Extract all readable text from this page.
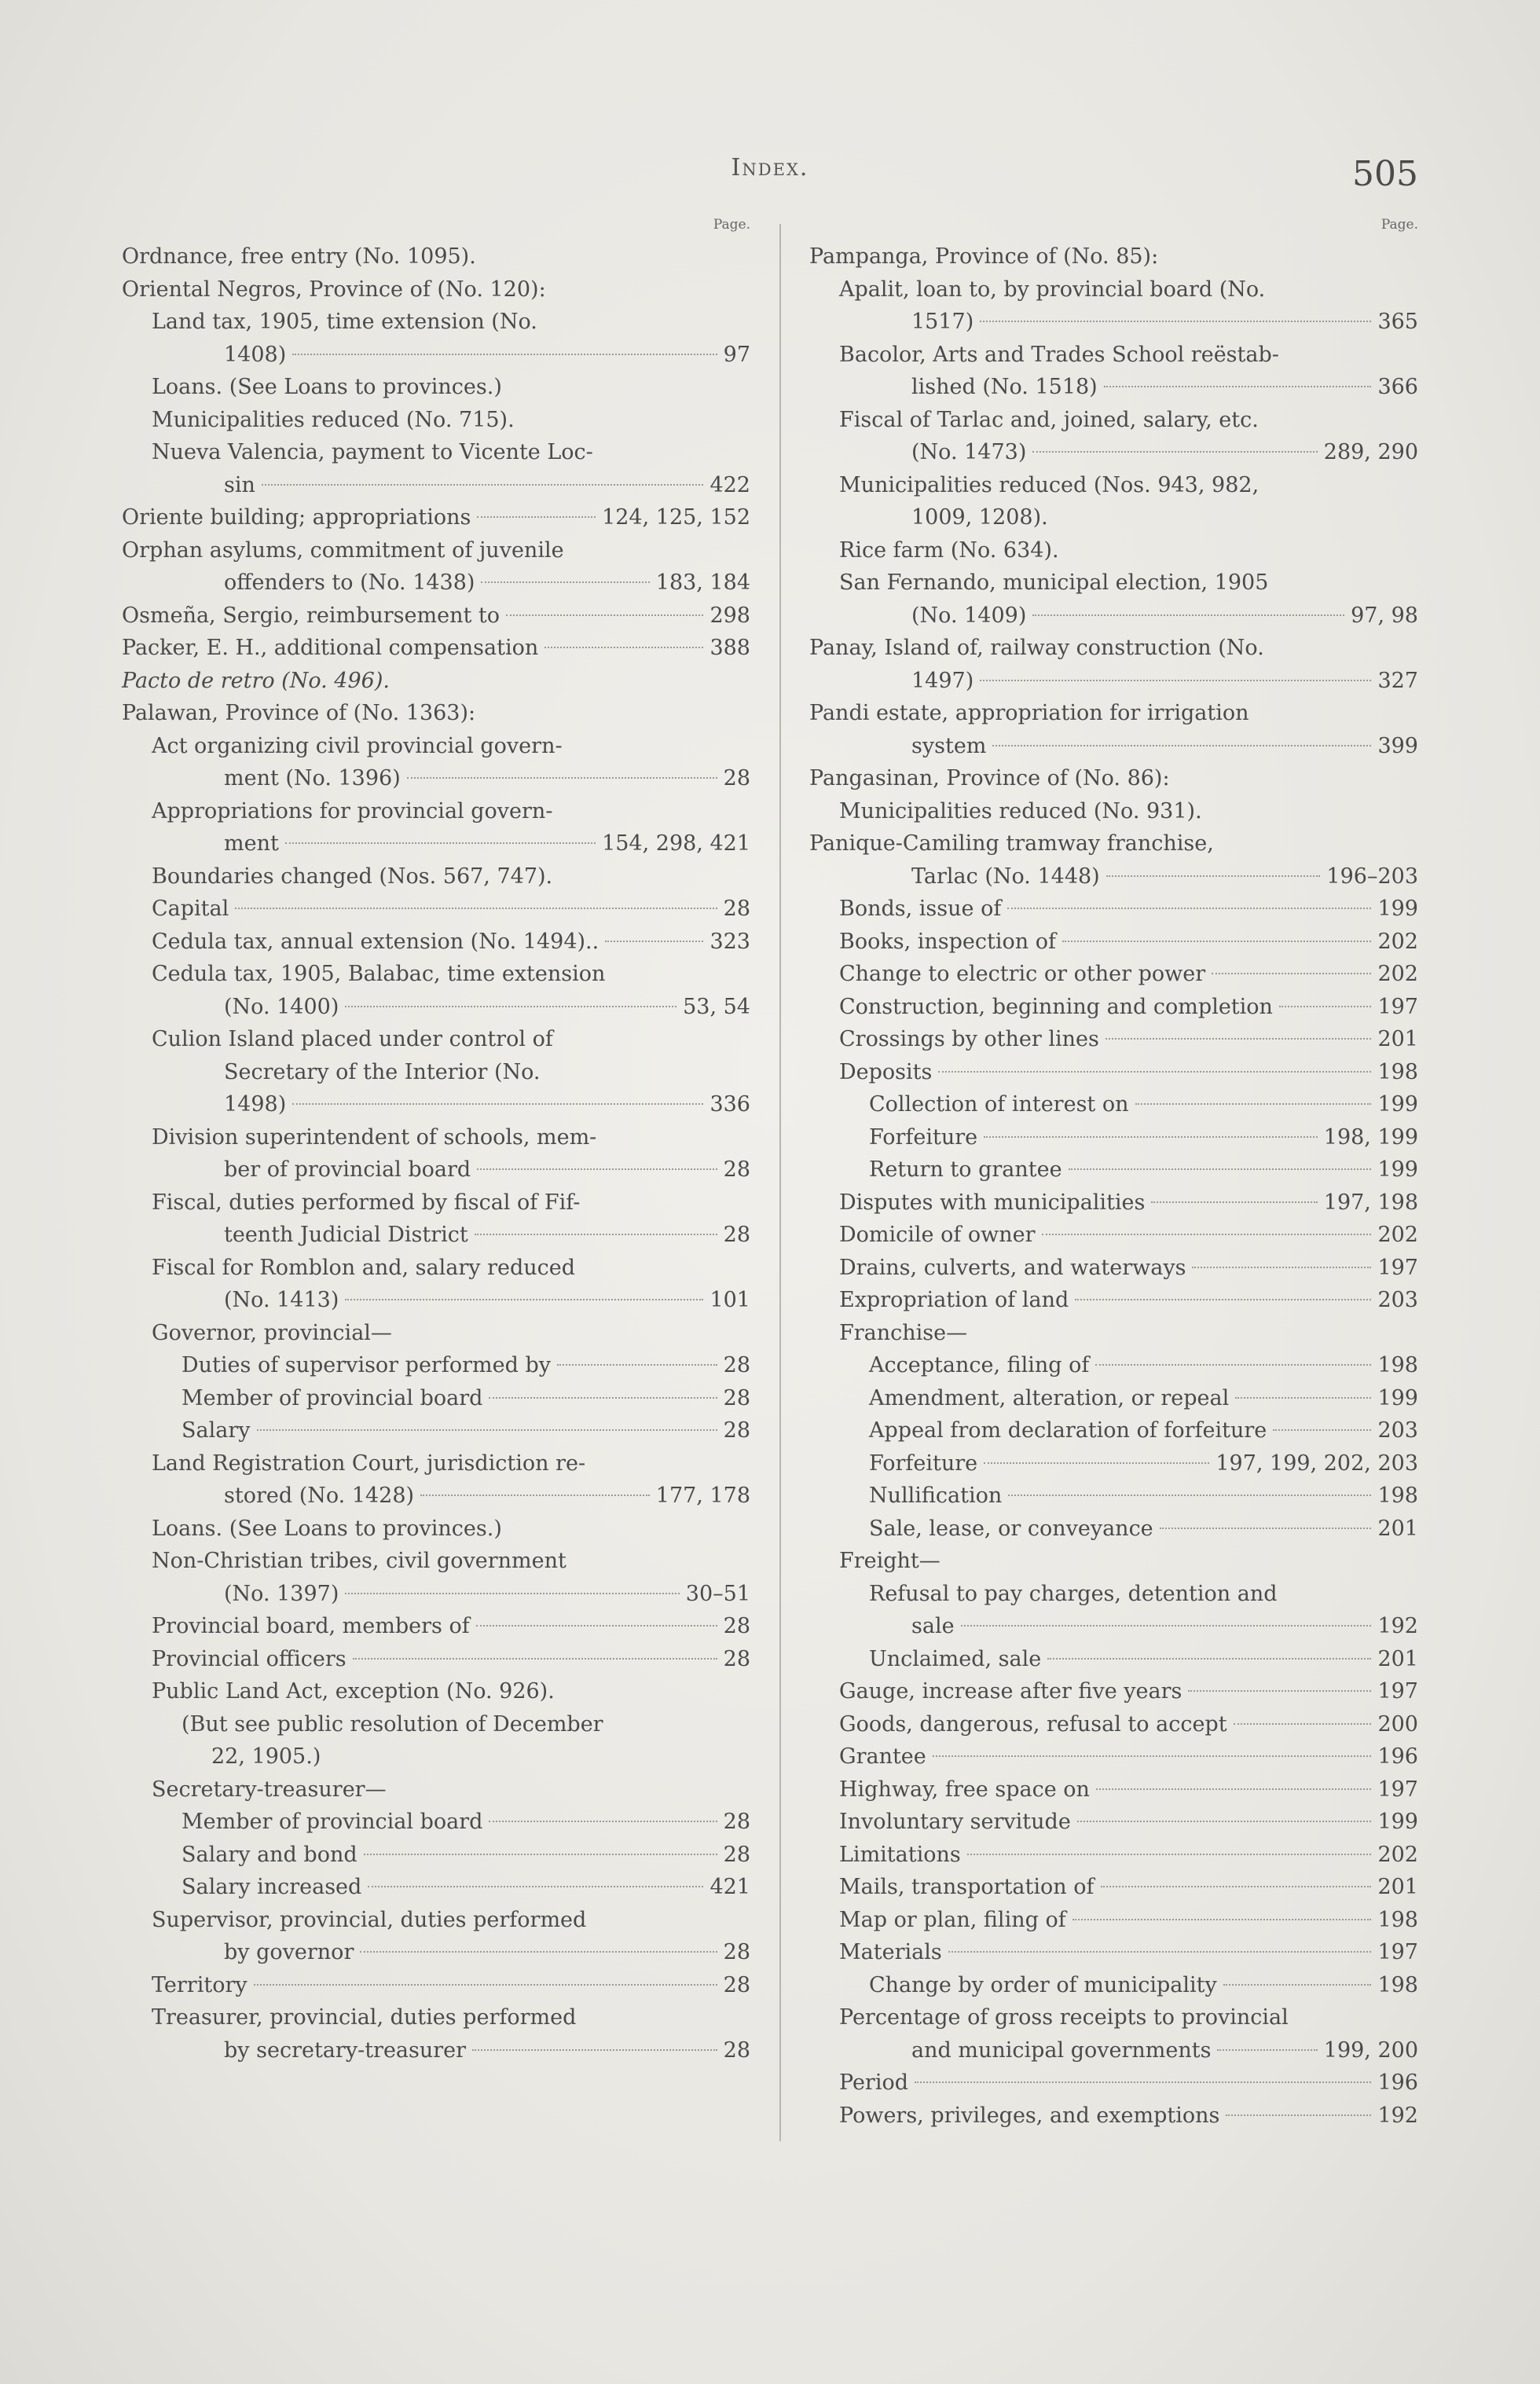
Index.	505
Page.
Ordnance, free entry (No. 1095).
Oriental Negros, Province of (No. 120):
Land tax, 1905, time extension (No.
1408)	97
Loans. (See Loans to provinces.)
Municipalities reduced (No. 715).
Nueva Valencia, payment to Vicente Loc-
sin	422
Oriente building; appropriations	124, 125, 152
Orphan asylums, commitment of juvenile
offenders to (No. 1438)	183, 184
Osmeña, Sergio, reimbursement to	298
Packer, E. H., additional compensation	388
Pacto de retro (No. 496).
Palawan, Province of (No. 1363):
Act organizing civil provincial govern-
ment (No. 1396)	28
Appropriations for provincial govern-
ment	154, 298, 421
Boundaries changed (Nos. 567, 747).
Capital	28
Cedula tax, annual extension (No. 1494)..	323
Cedula tax, 1905, Balabac, time extension
(No. 1400)	53, 54
Culion Island placed under control of
Secretary of the Interior (No.
1498)	336
Division superintendent of schools, mem-
ber of provincial board	28
Fiscal, duties performed by fiscal of Fif-
teenth Judicial District	28
Fiscal for Romblon and, salary reduced
(No. 1413)	101
Governor, provincial—
Duties of supervisor performed by	28
Member of provincial board	28
Salary	28
Land Registration Court, jurisdiction re-
stored (No. 1428)	177, 178
Loans. (See Loans to provinces.)
Non-Christian tribes, civil government
(No. 1397)	30–51
Provincial board, members of	28
Provincial officers	28
Public Land Act, exception (No. 926).
(But see public resolution of December
22, 1905.)
Secretary-treasurer—
Member of provincial board	28
Salary and bond	28
Salary increased	421
Supervisor, provincial, duties performed
by governor	28
Territory	28
Treasurer, provincial, duties performed
by secretary-treasurer	28
Page.
Pampanga, Province of (No. 85):
Apalit, loan to, by provincial board (No.
1517)	365
Bacolor, Arts and Trades School reëstab-
lished (No. 1518)	366
Fiscal of Tarlac and, joined, salary, etc.
(No. 1473)	289, 290
Municipalities reduced (Nos. 943, 982,
1009, 1208).
Rice farm (No. 634).
San Fernando, municipal election, 1905
(No. 1409)	97, 98
Panay, Island of, railway construction (No.
1497)	327
Pandi estate, appropriation for irrigation
system	399
Pangasinan, Province of (No. 86):
Municipalities reduced (No. 931).
Panique-Camiling tramway franchise,
Tarlac (No. 1448)	196–203
Bonds, issue of	199
Books, inspection of	202
Change to electric or other power	202
Construction, beginning and completion	197
Crossings by other lines	201
Deposits	198
Collection of interest on	199
Forfeiture	198, 199
Return to grantee	199
Disputes with municipalities	197, 198
Domicile of owner	202
Drains, culverts, and waterways	197
Expropriation of land	203
Franchise—
Acceptance, filing of	198
Amendment, alteration, or repeal	199
Appeal from declaration of forfeiture	203
Forfeiture	197, 199, 202, 203
Nullification	198
Sale, lease, or conveyance	201
Freight—
Refusal to pay charges, detention and
sale	192
Unclaimed, sale	201
Gauge, increase after five years	197
Goods, dangerous, refusal to accept	200
Grantee	196
Highway, free space on	197
Involuntary servitude	199
Limitations	202
Mails, transportation of	201
Map or plan, filing of	198
Materials	197
Change by order of municipality	198
Percentage of gross receipts to provincial
and municipal governments	199, 200
Period	196
Powers, privileges, and exemptions	192
